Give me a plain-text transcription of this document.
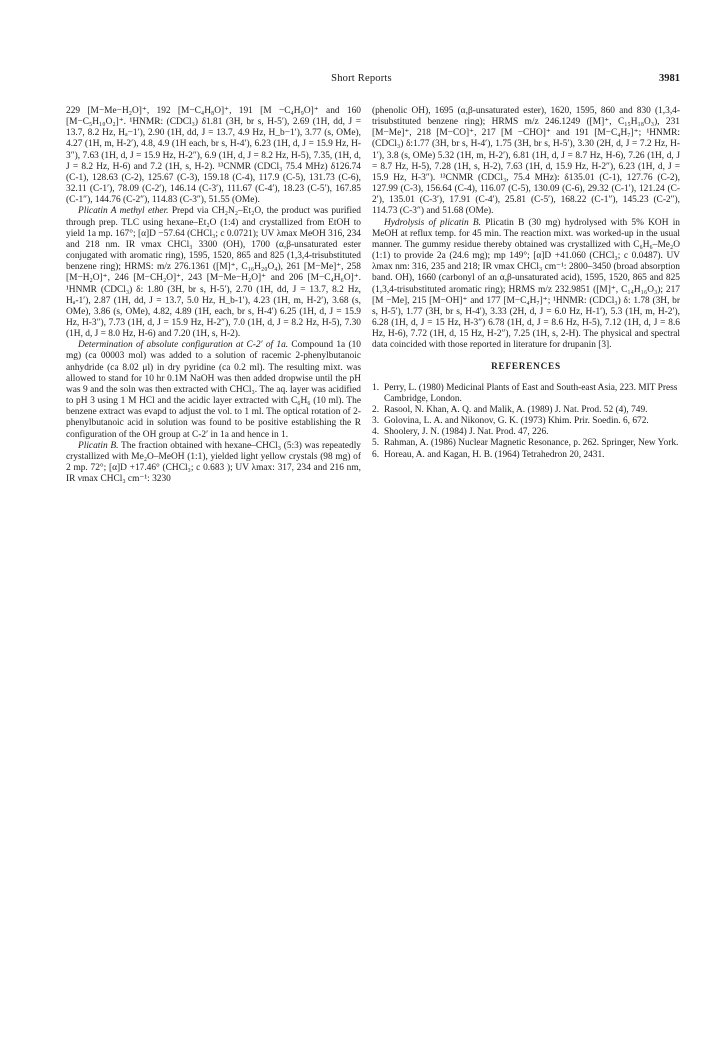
Short Reports	3981

229 [M−Me−H₂O]⁺, 192 [M−C₄H₈O]⁺, 191 [M −C₄H₉O]⁺ and 160 [M−C₅H₁₀O₂]⁺. ¹HNMR: (CDCl₃) δ1.81 (3H, br s, H-5′), 2.69 (1H, dd, J = 13.7, 8.2 Hz, Hₐ−1′), 2.90 (1H, dd, J = 13.7, 4.9 Hz, H_b−1′), 3.77 (s, OMe), 4.27 (1H, m, H-2′), 4.8, 4.9 (1H each, br s, H-4′), 6.23 (1H, d, J = 15.9 Hz, H-3″), 7.63 (1H, d, J = 15.9 Hz, H-2″), 6.9 (1H, d, J = 8.2 Hz, H-5), 7.35, (1H, d, J = 8.2 Hz, H-6) and 7.2 (1H, s, H-2). ¹³CNMR (CDCl₃ 75.4 MHz) δ126.74 (C-1), 128.63 (C-2), 125.67 (C-3), 159.18 (C-4), 117.9 (C-5), 131.73 (C-6), 32.11 (C-1′), 78.09 (C-2′), 146.14 (C-3′), 111.67 (C-4′), 18.23 (C-5′), 167.85 (C-1″), 144.76 (C-2″), 114.83 (C-3″), 51.55 (OMe).

Plicatin A methyl ether. Prepd via CH₂N₂–Et₂O, the product was purified through prep. TLC using hexane–Et₂O (1:4) and crystallized from EtOH to yield 1a mp. 167°; [α]D −57.64 (CHCl₃; c 0.0721); UV λmax MeOH 316, 234 and 218 nm. IR νmax CHCl₃ 3300 (OH), 1700 (α,β-unsaturated ester conjugated with aromatic ring), 1595, 1520, 865 and 825 (1,3,4-trisubstituted benzene ring); HRMS: m/z 276.1361 ([M]⁺, C₁₆H₂₀O₄), 261 [M−Me]⁺, 258 [M−H₂O]⁺, 246 [M−CH₂O]⁺, 243 [M−Me−H₂O]⁺ and 206 [M−C₄H₆O]⁺. ¹HNMR (CDCl₃) δ: 1.80 (3H, br s, H-5′), 2.70 (1H, dd, J = 13.7, 8.2 Hz, Hₐ-1′), 2.87 (1H, dd, J = 13.7, 5.0 Hz, H_b-1′), 4.23 (1H, m, H-2′), 3.68 (s, OMe), 3.86 (s, OMe), 4.82, 4.89 (1H, each, br s, H-4′) 6.25 (1H, d, J = 15.9 Hz, H-3″), 7.73 (1H, d, J = 15.9 Hz, H-2″), 7.0 (1H, d, J = 8.2 Hz, H-5), 7.30 (1H, d, J = 8.0 Hz, H-6) and 7.20 (1H, s, H-2).

Determination of absolute configuration at C-2′ of 1a. Compound 1a (10 mg) (ca 00003 mol) was added to a solution of racemic 2-phenylbutanoic anhydride (ca 8.02 μl) in dry pyridine (ca 0.2 ml). The resulting mixt. was allowed to stand for 10 hr 0.1M NaOH was then added dropwise until the pH was 9 and the soln was then extracted with CHCl₃. The aq. layer was acidified to pH 3 using 1 M HCl and the acidic layer extracted with C₆H₆ (10 ml). The benzene extract was evapd to adjust the vol. to 1 ml. The optical rotation of 2-phenylbutanoic acid in solution was found to be positive establishing the R configuration of the OH group at C-2′ in 1a and hence in 1.

Plicatin B. The fraction obtained with hexane–CHCl₃ (5:3) was repeatedly crystallized with Me₂O–MeOH (1:1), yielded light yellow crystals (98 mg) of 2 mp. 72°; [α]D +17.46° (CHCl₃; c 0.683 ); UV λmax: 317, 234 and 216 nm, IR νmax CHCl₃ cm⁻¹: 3230

(phenolic OH), 1695 (α,β-unsaturated ester), 1620, 1595, 860 and 830 (1,3,4-trisubstituted benzene ring); HRMS m/z 246.1249 ([M]⁺, C₁₅H₁₈O₃), 231 [M−Me]⁺, 218 [M−CO]⁺, 217 [M −CHO]⁺ and 191 [M−C₄H₇]⁺; ¹HNMR: (CDCl₃) δ:1.77 (3H, br s, H-4′), 1.75 (3H, br s, H-5′), 3.30 (2H, d, J = 7.2 Hz, H-1′), 3.8 (s, OMe) 5.32 (1H, m, H-2′), 6.81 (1H, d, J = 8.7 Hz, H-6), 7.26 (1H, d, J = 8.7 Hz, H-5), 7.28 (1H, s, H-2), 7.63 (1H, d, 15.9 Hz, H-2″), 6.23 (1H, d, J = 15.9 Hz, H-3″). ¹³CNMR (CDCl₃, 75.4 MHz): δ135.01 (C-1), 127.76 (C-2), 127.99 (C-3), 156.64 (C-4), 116.07 (C-5), 130.09 (C-6), 29.32 (C-1′), 121.24 (C-2′), 135.01 (C-3′), 17.91 (C-4′), 25.81 (C-5′), 168.22 (C-1″), 145.23 (C-2″), 114.73 (C-3″) and 51.68 (OMe).

Hydrolysis of plicatin B. Plicatin B (30 mg) hydrolysed with 5% KOH in MeOH at reflux temp. for 45 min. The reaction mixt. was worked-up in the usual manner. The gummy residue thereby obtained was crystallized with C₆H₆–Me₂O (1:1) to provide 2a (24.6 mg); mp 149°; [α]D +41.060 (CHCl₃; c 0.0487). UV λmax nm: 316, 235 and 218; IR νmax CHCl₃ cm⁻¹: 2800–3450 (broad absorption band. OH), 1660 (carbonyl of an α,β-unsaturated acid), 1595, 1520, 865 and 825 (1,3,4-trisubstituted aromatic ring); HRMS m/z 232.9851 ([M]⁺, C₁₄H₁₆O₃); 217 [M −Me], 215 [M−OH]⁺ and 177 [M−C₄H₇]⁺; ¹HNMR: (CDCl₃) δ: 1.78 (3H, br s, H-5′), 1.77 (3H, br s, H-4′), 3.33 (2H, d, J = 6.0 Hz, H-1′), 5.3 (1H, m, H-2′), 6.28 (1H, d, J = 15 Hz, H-3″) 6.78 (1H, d, J = 8.6 Hz, H-5), 7.12 (1H, d, J = 8.6 Hz, H-6), 7.72 (1H, d, 15 Hz, H-2″), 7.25 (1H, s, 2-H). The physical and spectral data coincided with those reported in literature for drupanin [3].

REFERENCES

1. Perry, L. (1980) Medicinal Plants of East and South-east Asia, 223. MIT Press Cambridge, London.
2. Rasool, N. Khan, A. Q. and Malik, A. (1989) J. Nat. Prod. 52 (4), 749.
3. Golovina, L. A. and Nikonov, G. K. (1973) Khim. Prir. Soedin. 6, 672.
4. Shoolery, J. N. (1984) J. Nat. Prod. 47, 226.
5. Rahman, A. (1986) Nuclear Magnetic Resonance, p. 262. Springer, New York.
6. Horeau, A. and Kagan, H. B. (1964) Tetrahedron 20, 2431.
